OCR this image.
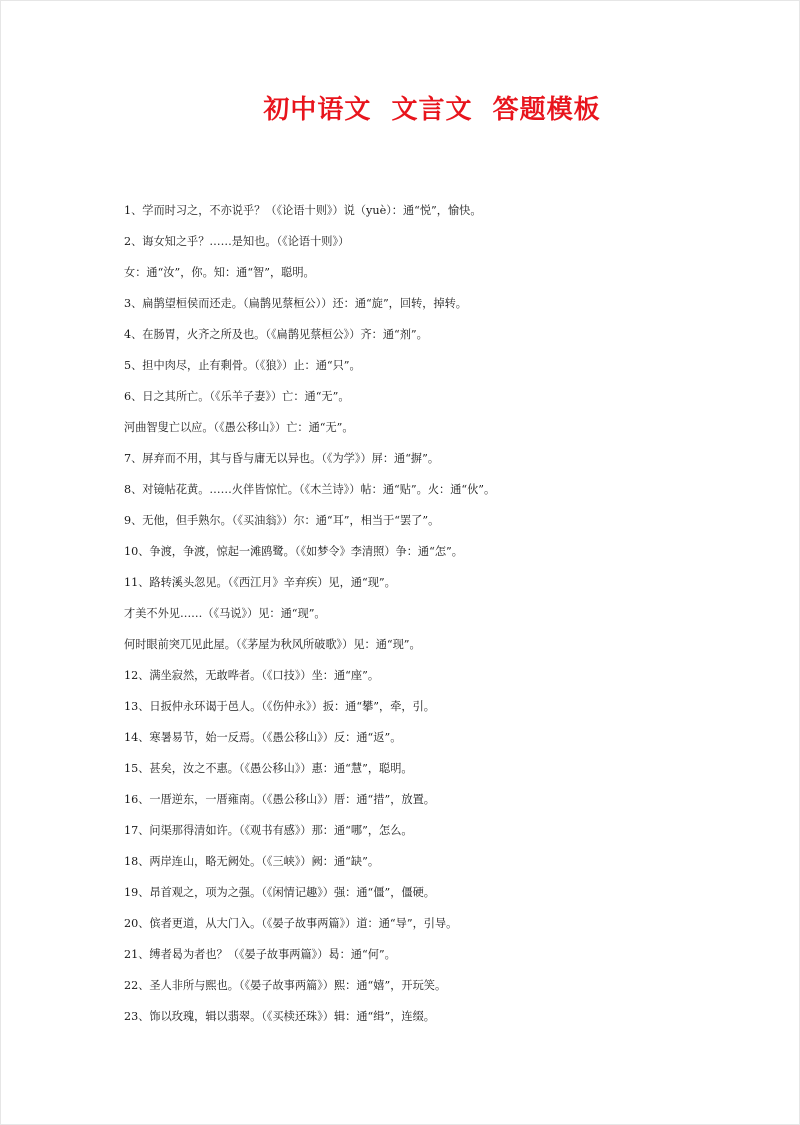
初中语文  文言文  答题模板
1、学而时习之，不亦说乎？（《论语十则》）说（yuè）：通“悦”，愉快。
2、诲女知之乎？……是知也。（《论语十则》）
女：通“汝”，你。知：通“智”，聪明。
3、扁鹊望桓侯而还走。（扁鹊见蔡桓公））还：通“旋”，回转，掉转。
4、在肠胃，火齐之所及也。（《扁鹊见蔡桓公》）齐：通“剂”。
5、担中肉尽，止有剩骨。（《狼》）止：通“只”。
6、日之其所亡。（《乐羊子妻》）亡：通“无”。
河曲智叟亡以应。（《愚公移山》）亡：通“无”。
7、屏弃而不用，其与昏与庸无以异也。（《为学》）屏：通“摒”。
8、对镜帖花黄。……火伴皆惊忙。（《木兰诗》）帖：通“贴”。火：通“伙”。
9、无他，但手熟尔。（《买油翁》）尔：通“耳”，相当于“罢了”。
10、争渡，争渡，惊起一滩鸥鹭。（《如梦令》李清照）争：通“怎”。
11、路转溪头忽见。（《西江月》辛弃疾）见，通“现”。
才美不外见……（《马说》）见：通“现”。
何时眼前突兀见此屋。（《茅屋为秋风所破歌》）见：通“现”。
12、满坐寂然，无敢哗者。（《口技》）坐：通“座”。
13、日扳仲永环谒于邑人。（《伤仲永》）扳：通“攀”，牵，引。
14、寒暑易节，始一反焉。（《愚公移山》）反：通“返”。
15、甚矣，汝之不惠。（《愚公移山》）惠：通“慧”，聪明。
16、一厝逆东，一厝雍南。（《愚公移山》）厝：通“措”，放置。
17、问渠那得清如许。（《观书有感》）那：通“哪”，怎么。
18、两岸连山，略无阙处。（《三峡》）阙：通“缺”。
19、昂首观之，项为之强。（《闲情记趣》）强：通“僵”，僵硬。
20、傧者更道，从大门入。（《晏子故事两篇》）道：通“导”，引导。
21、缚者曷为者也？（《晏子故事两篇》）曷：通“何”。
22、圣人非所与熙也。（《晏子故事两篇》）熙：通“嬉”，开玩笑。
23、饰以玫瑰，辑以翡翠。（《买椟还珠》）辑：通“缉”，连缀。
